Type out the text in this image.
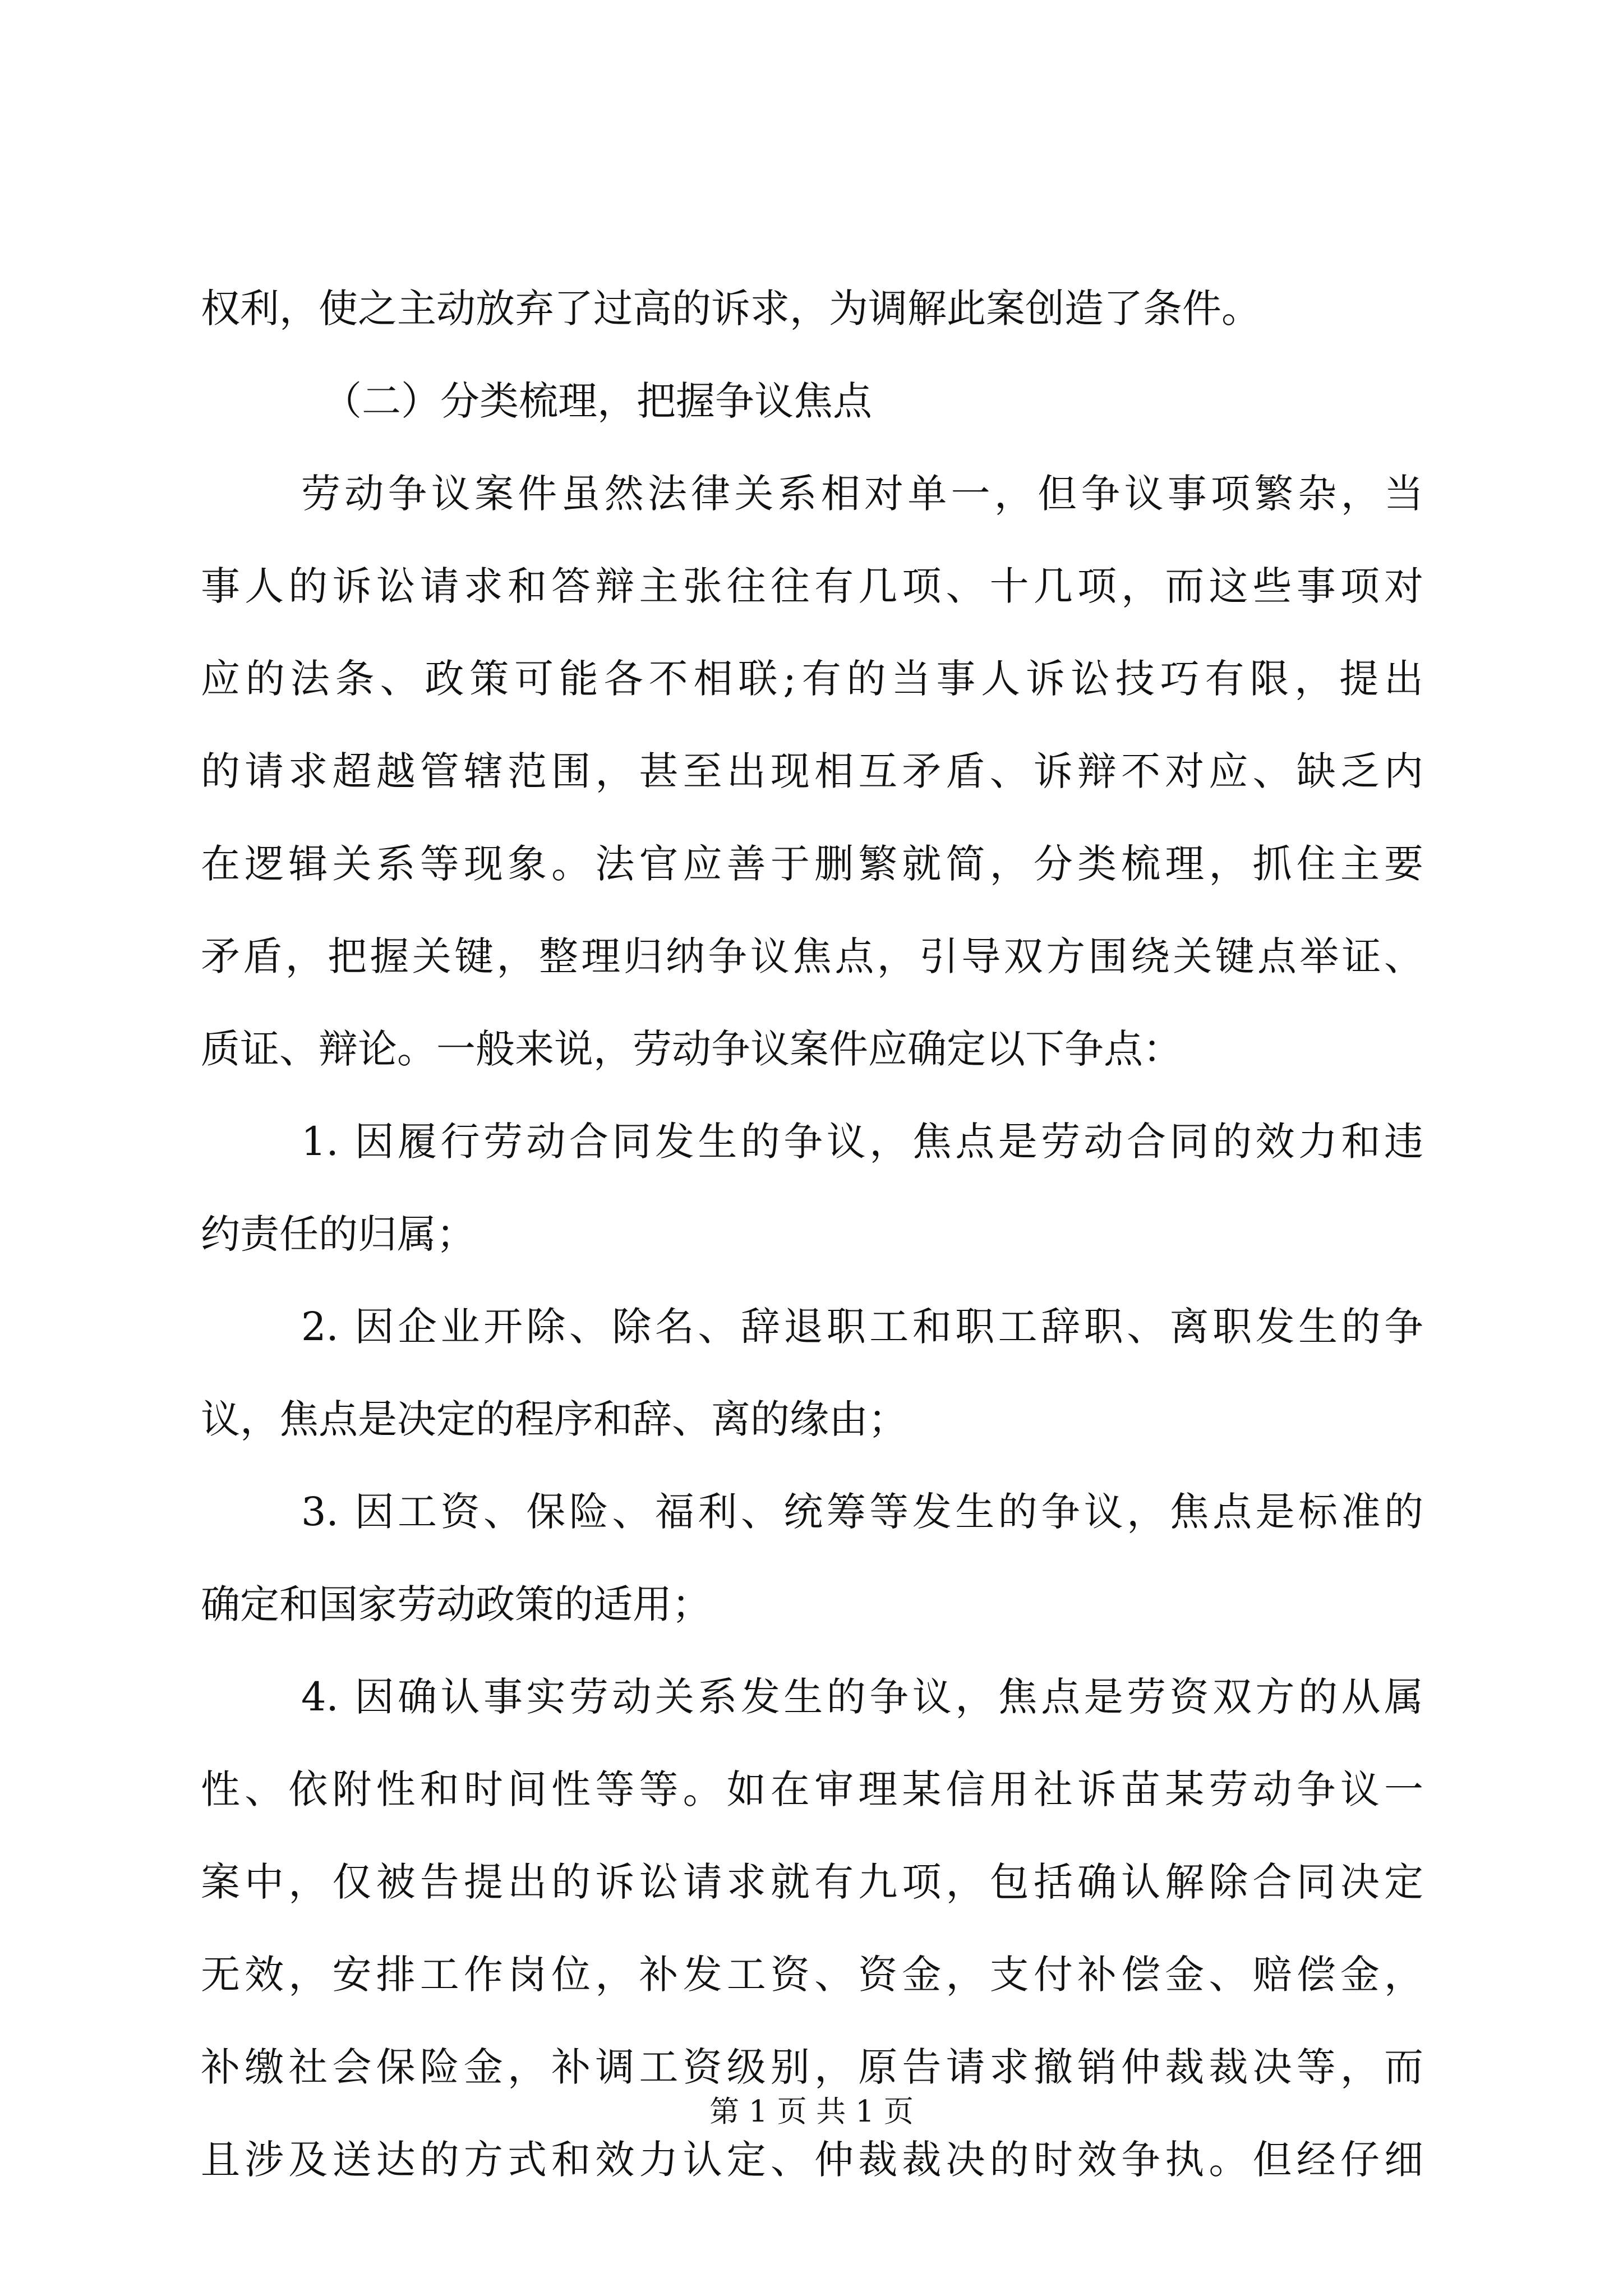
权利，使之主动放弃了过高的诉求，为调解此案创造了条件。
（二）分类梳理，把握争议焦点
劳动争议案件虽然法律关系相对单一，但争议事项繁杂，当
事人的诉讼请求和答辩主张往往有几项、十几项，而这些事项对
应的法条、政策可能各不相联;有的当事人诉讼技巧有限，提出
的请求超越管辖范围，甚至出现相互矛盾、诉辩不对应、缺乏内
在逻辑关系等现象。法官应善于删繁就简，分类梳理，抓住主要
矛盾，把握关键，整理归纳争议焦点，引导双方围绕关键点举证、
质证、辩论。一般来说，劳动争议案件应确定以下争点：
1. 因履行劳动合同发生的争议，焦点是劳动合同的效力和违
约责任的归属；
2. 因企业开除、除名、辞退职工和职工辞职、离职发生的争
议，焦点是决定的程序和辞、离的缘由；
3. 因工资、保险、福利、统筹等发生的争议，焦点是标准的
确定和国家劳动政策的适用；
4. 因确认事实劳动关系发生的争议，焦点是劳资双方的从属
性、依附性和时间性等等。如在审理某信用社诉苗某劳动争议一
案中，仅被告提出的诉讼请求就有九项，包括确认解除合同决定
无效，安排工作岗位，补发工资、资金，支付补偿金、赔偿金，
补缴社会保险金，补调工资级别，原告请求撤销仲裁裁决等，而
且涉及送达的方式和效力认定、仲裁裁决的时效争执。但经仔细
第 1 页 共 1 页
